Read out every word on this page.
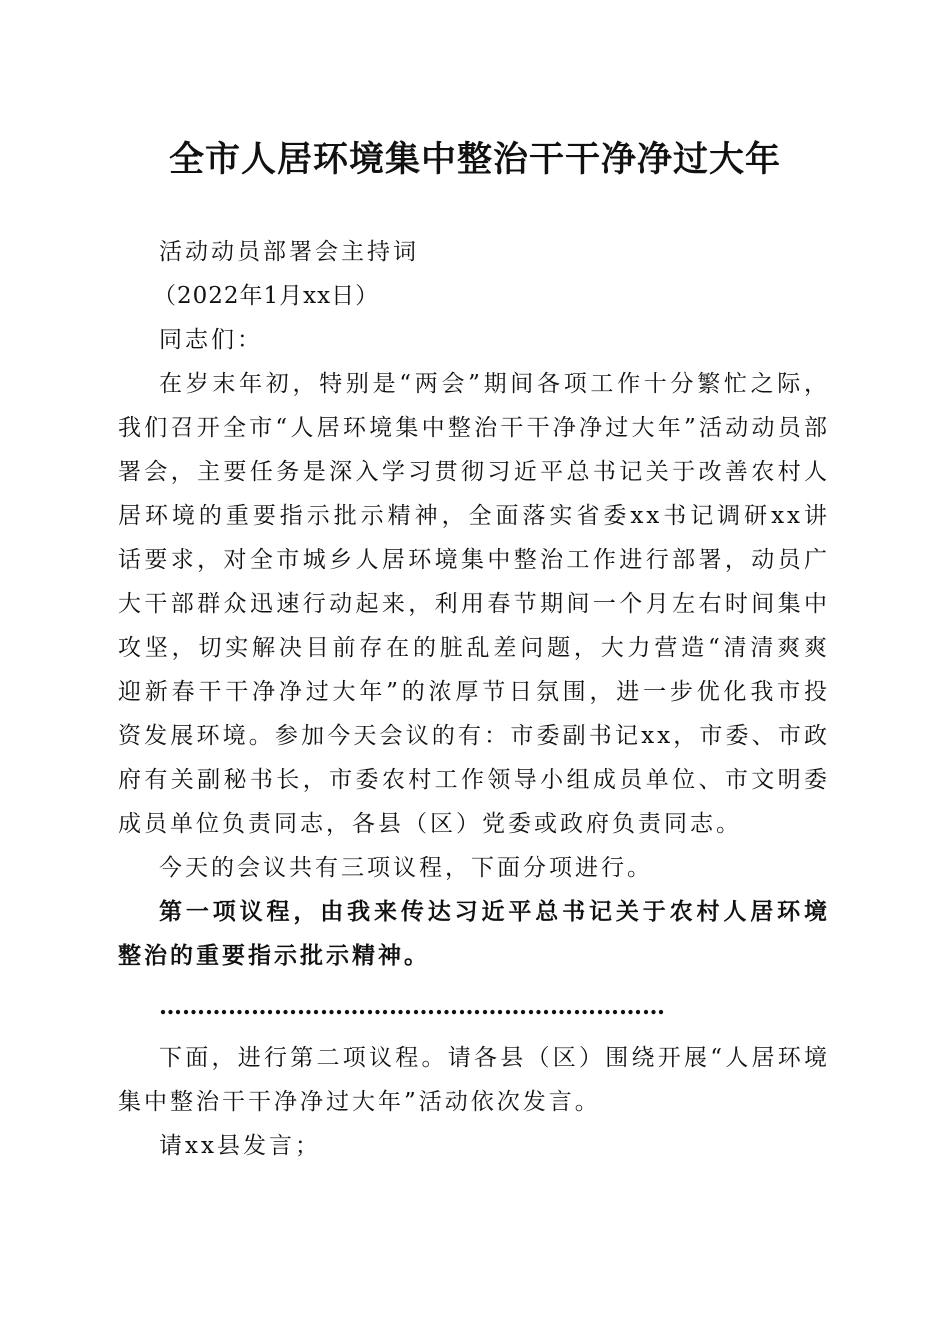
全市人居环境集中整治干干净净过大年

活动动员部署会主持词

（2022年1月xx日）

同志们：

在岁末年初，特别是“两会”期间各项工作十分繁忙之际，我们召开全市“人居环境集中整治干干净净过大年”活动动员部署会，主要任务是深入学习贯彻习近平总书记关于改善农村人居环境的重要指示批示精神，全面落实省委xx书记调研xx讲话要求，对全市城乡人居环境集中整治工作进行部署，动员广大干部群众迅速行动起来，利用春节期间一个月左右时间集中攻坚，切实解决目前存在的脏乱差问题，大力营造“清清爽爽迎新春干干净净过大年”的浓厚节日氛围，进一步优化我市投资发展环境。参加今天会议的有：市委副书记xx，市委、市政府有关副秘书长，市委农村工作领导小组成员单位、市文明委成员单位负责同志，各县（区）党委或政府负责同志。

今天的会议共有三项议程，下面分项进行。

第一项议程，由我来传达习近平总书记关于农村人居环境整治的重要指示批示精神。

…………………………………………………………

下面，进行第二项议程。请各县（区）围绕开展“人居环境集中整治干干净净过大年”活动依次发言。

请xx县发言；
